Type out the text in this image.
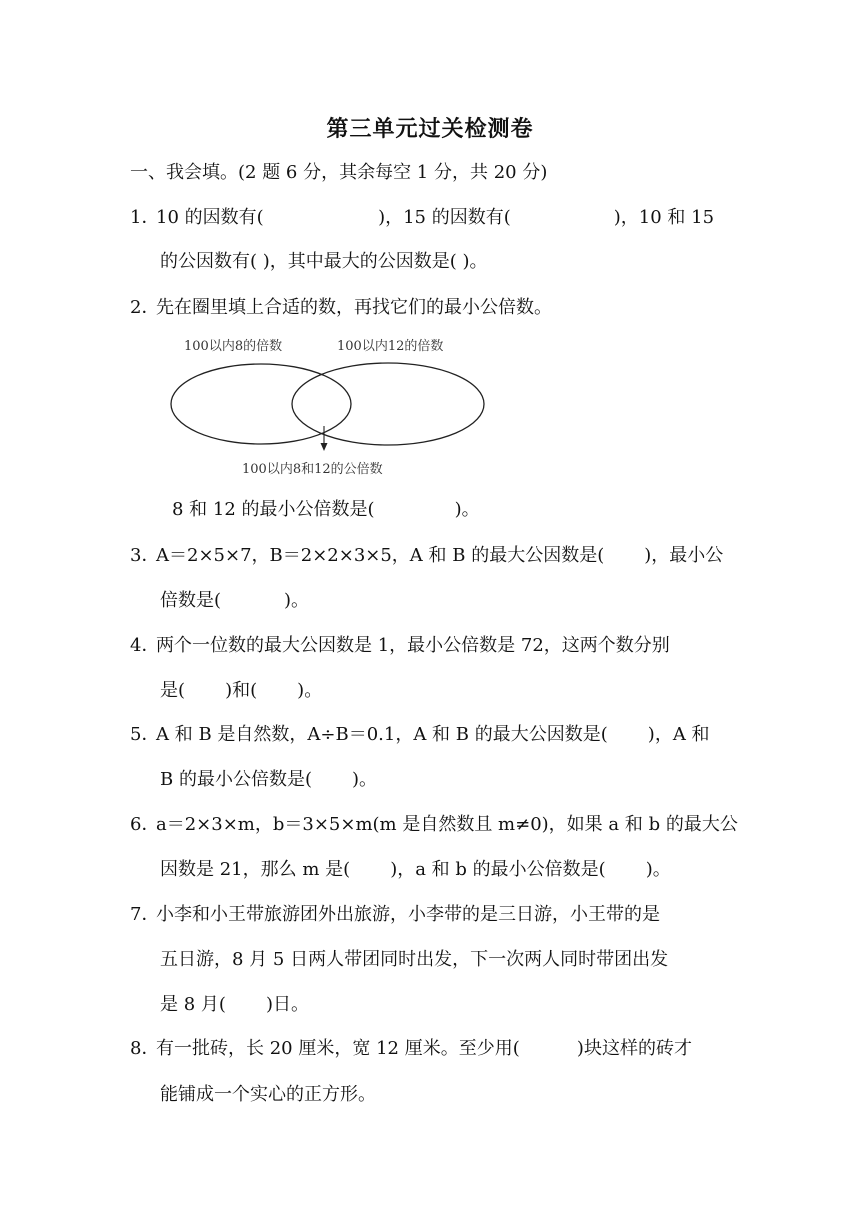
第三单元过关检测卷
一、我会填。(2 题 6 分，其余每空 1 分，共 20 分)
1．10 的因数有(                    )，15 的因数有(                  )，10 和 15
的公因数有( )，其中最大的公因数是( )。
2．先在圈里填上合适的数，再找它们的最小公倍数。
100以内8的倍数	100以内12的倍数
100以内8和12的公倍数
8 和 12 的最小公倍数是(              )。
3．A＝2×5×7，B＝2×2×3×5，A 和 B 的最大公因数是(       )，最小公
倍数是(           )。
4．两个一位数的最大公因数是 1，最小公倍数是 72，这两个数分别
是(       )和(       )。
5．A 和 B 是自然数，A÷B＝0.1，A 和 B 的最大公因数是(       )，A 和
B 的最小公倍数是(       )。
6．a＝2×3×m，b＝3×5×m(m 是自然数且 m≠0)，如果 a 和 b 的最大公
因数是 21，那么 m 是(       )，a 和 b 的最小公倍数是(       )。
7．小李和小王带旅游团外出旅游，小李带的是三日游，小王带的是
五日游，8 月 5 日两人带团同时出发，下一次两人同时带团出发
是 8 月(       )日。
8．有一批砖，长 20 厘米，宽 12 厘米。至少用(          )块这样的砖才
能铺成一个实心的正方形。
